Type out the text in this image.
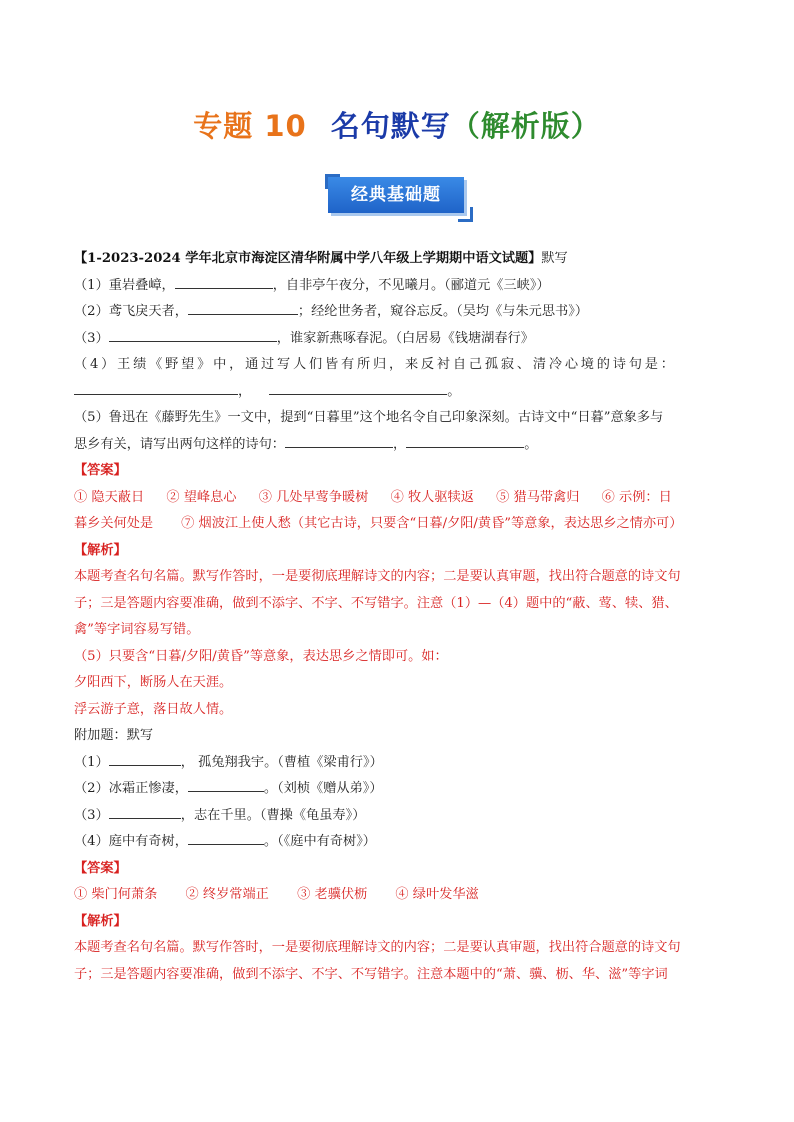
专题 10 名句默写（解析版）
经典基础题

【1-2023-2024 学年北京市海淀区清华附属中学八年级上学期期中语文试题】默写

（1）重岩叠嶂，	，自非亭午夜分，不见曦月。（郦道元《三峡》）

（2）鸢飞戾天者，	；经纶世务者，窥谷忘反。（吴均《与朱元思书》）

（3）	，谁家新燕啄春泥。（白居易《钱塘湖春行》

（4）王绩《野望》中，通过写人们皆有所归，来反衬自己孤寂、清冷心境的诗句是：

，	。

（5）鲁迅在《藤野先生》一文中，提到“日暮里”这个地名令自己印象深刻。古诗文中“日暮”意象多与

思乡有关，请写出两句这样的诗句：	，	。

【答案】

① 隐天蔽日 ② 望峰息心 ③ 几处早莺争暖树 ④ 牧人驱犊返 ⑤ 猎马带禽归 ⑥ 示例：日

暮乡关何处是 ⑦ 烟波江上使人愁（其它古诗，只要含“日暮/夕阳/黄昏”等意象，表达思乡之情亦可）

【解析】

本题考查名句名篇。默写作答时，一是要彻底理解诗文的内容；二是要认真审题，找出符合题意的诗文句

子；三是答题内容要准确，做到不添字、不字、不写错字。注意（1）—（4）题中的“蔽、莺、犊、猎、

禽”等字词容易写错。

（5）只要含“日暮/夕阳/黄昏”等意象，表达思乡之情即可。如：

夕阳西下，断肠人在天涯。

浮云游子意，落日故人情。

附加题：默写

（1）	， 孤兔翔我宇。（曹植《梁甫行》）

（2）冰霜正惨凄，	。（刘桢《赠从弟》）

（3）	，志在千里。（曹操《龟虽寿》）

（4）庭中有奇树，	。（《庭中有奇树》）

【答案】

① 柴门何萧条 ② 终岁常端正 ③ 老骥伏枥 ④ 绿叶发华滋

【解析】

本题考查名句名篇。默写作答时，一是要彻底理解诗文的内容；二是要认真审题，找出符合题意的诗文句

子；三是答题内容要准确，做到不添字、不字、不写错字。注意本题中的“萧、骥、枥、华、滋”等字词
